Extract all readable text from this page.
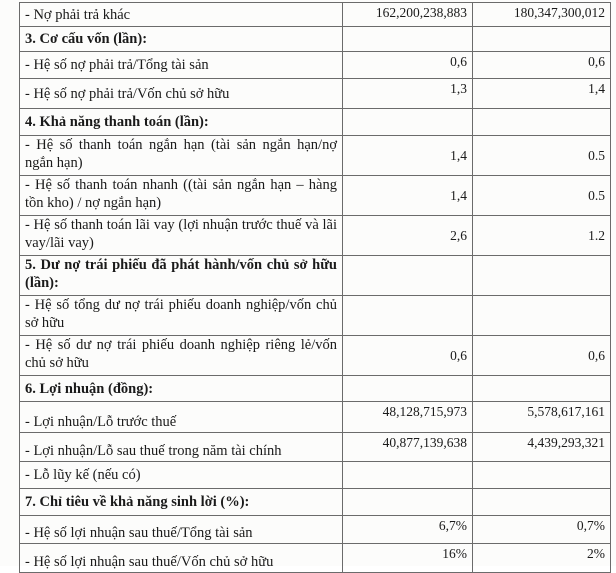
- Nợ phải trả khác	162,200,238,883	180,347,300,012
3. Cơ cấu vốn (lần):		
- Hệ số nợ phải trả/Tổng tài sản	0,6	0,6
- Hệ số nợ phải trả/Vốn chủ sở hữu	1,3	1,4
4. Khả năng thanh toán (lần):		
- Hệ số thanh toán ngắn hạn (tài sản ngắn hạn/nợ ngắn hạn)	1,4	0.5
- Hệ số thanh toán nhanh ((tài sản ngắn hạn – hàng tồn kho) / nợ ngắn hạn)	1,4	0.5
- Hệ số thanh toán lãi vay (lợi nhuận trước thuế và lãi vay/lãi vay)	2,6	1.2
5. Dư nợ trái phiếu đã phát hành/vốn chủ sở hữu (lần):		
- Hệ số tổng dư nợ trái phiếu doanh nghiệp/vốn chủ sở hữu		
- Hệ số dư nợ trái phiếu doanh nghiệp riêng lẻ/vốn chủ sở hữu	0,6	0,6
6. Lợi nhuận (đồng):		
- Lợi nhuận/Lỗ trước thuế	48,128,715,973	5,578,617,161
- Lợi nhuận/Lỗ sau thuế trong năm tài chính	40,877,139,638	4,439,293,321
- Lỗ lũy kế (nếu có)		
7. Chỉ tiêu về khả năng sinh lời (%):		
- Hệ số lợi nhuận sau thuế/Tổng tài sản	6,7%	0,7%
- Hệ số lợi nhuận sau thuế/Vốn chủ sở hữu	16%	2%
